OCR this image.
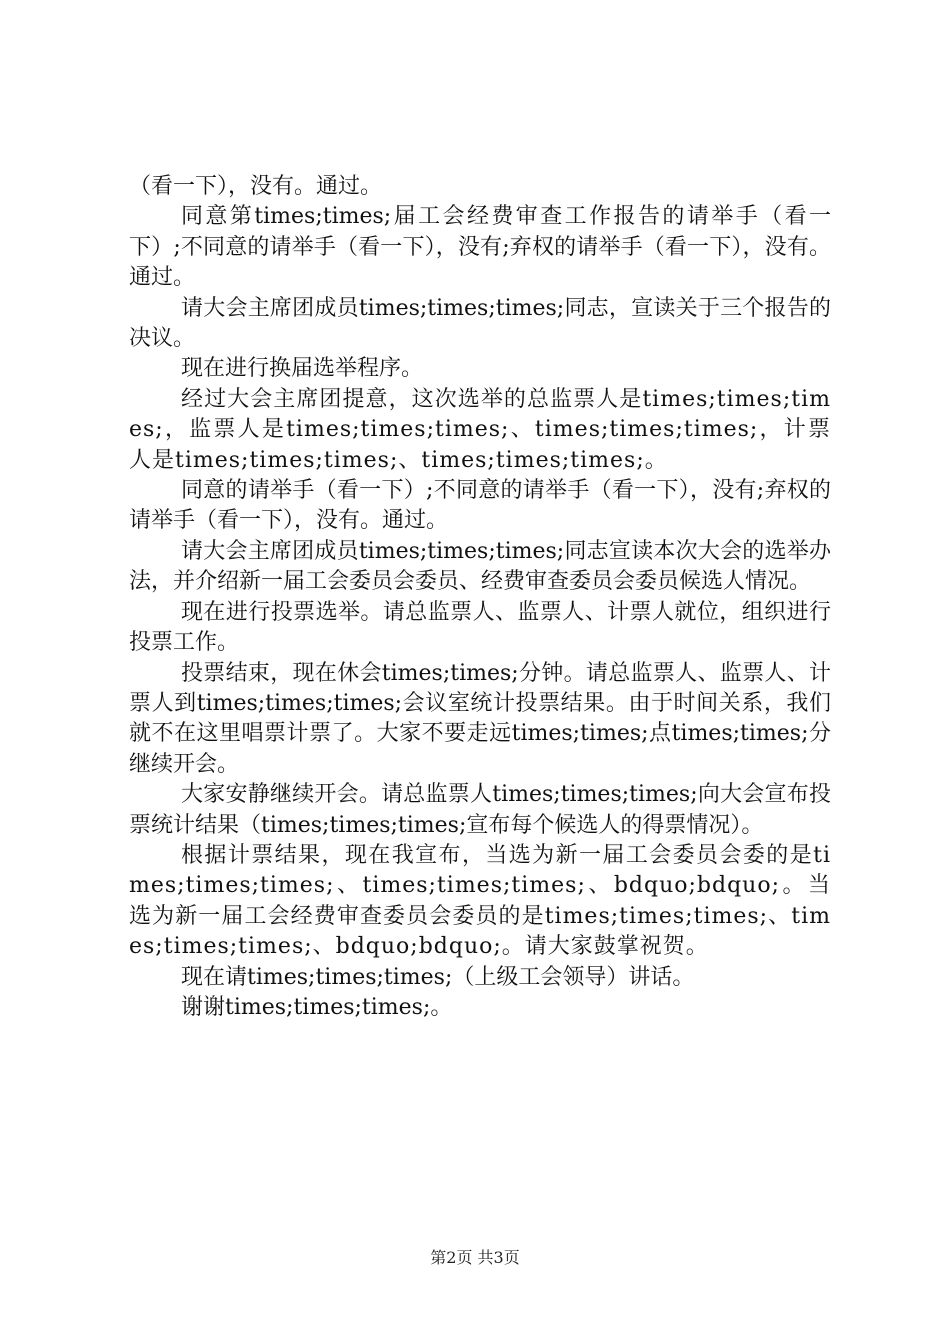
（看一下），没有。通过。

同意第times;times;届工会经费审查工作报告的请举手（看一下）;不同意的请举手（看一下），没有;弃权的请举手（看一下），没有。通过。

请大会主席团成员times;times;times;同志，宣读关于三个报告的决议。

现在进行换届选举程序。

经过大会主席团提意，这次选举的总监票人是times;times;times;，监票人是times;times;times;、times;times;times;，计票人是times;times;times;、times;times;times;。

同意的请举手（看一下）;不同意的请举手（看一下），没有;弃权的请举手（看一下），没有。通过。

请大会主席团成员times;times;times;同志宣读本次大会的选举办法，并介绍新一届工会委员会委员、经费审查委员会委员候选人情况。

现在进行投票选举。请总监票人、监票人、计票人就位，组织进行投票工作。

投票结束，现在休会times;times;分钟。请总监票人、监票人、计票人到times;times;times;会议室统计投票结果。由于时间关系，我们就不在这里唱票计票了。大家不要走远times;times;点times;times;分继续开会。

大家安静继续开会。请总监票人times;times;times;向大会宣布投票统计结果（times;times;times;宣布每个候选人的得票情况）。

根据计票结果，现在我宣布，当选为新一届工会委员会委的是times;times;times;、times;times;times;、bdquo;bdquo;。当选为新一届工会经费审查委员会委员的是times;times;times;、times;times;times;、bdquo;bdquo;。请大家鼓掌祝贺。

现在请times;times;times;（上级工会领导）讲话。

谢谢times;times;times;。

第2页 共3页
